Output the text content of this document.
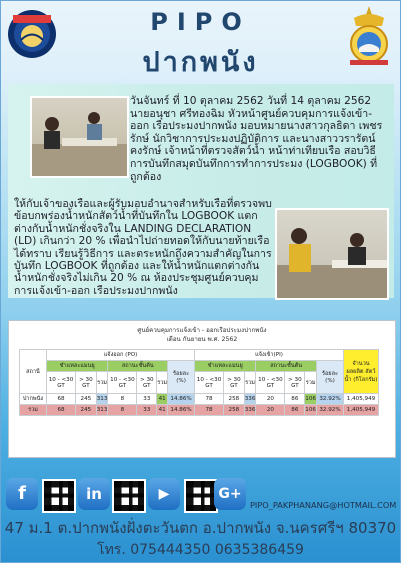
PIPO
ปากพนัง

วันจันทร์ ที่ 10 ตุลาคม 2562 วันที่ 14 ตุลาคม 2562 นายอนุชา ศรีทองฉิม หัวหน้าศูนย์ควบคุมการแจ้งเข้า-ออก เรือประมงปากพนัง มอบหมายนางสาวกุลธิดา เพชรรักษ์ นักวิชาการประมงปฏิบัติการ และนางสาววรารัตน์ คงรักษ์ เจ้าหน้าที่ตรวจสัตว์น้ำ หน้าท่าเทียบเรือ สอบวิธีการบันทึกสมุดบันทึกการทำการประมง (LOGBOOK) ที่ถูกต้อง

ให้กับเจ้าของเรือและผู้รับมอบอำนาจสำหรับเรือที่ตรวจพบข้อบกพร่องน้ำหนักสัตว์น้ำที่บันทึกใน LOGBOOK แตกต่างกับน้ำหนักชั่งจริงใน LANDING DECLARATION (LD) เกินกว่า 20 % เพื่อนำไปถ่ายทอดให้กับนายท้ายเรือได้ทราบ เรียนรู้วิธีการ และตระหนักถึงความสำคัญในการบันทึก LOGBOOK ที่ถูกต้อง และให้น้ำหนักแตกต่างกันน้ำหนักชั่งจริงไม่เกิน 20 % ณ ห้องประชุมศูนย์ควบคุมการแจ้งเข้า-ออก เรือประมงปากพนัง

ศูนย์ควบคุมการแจ้งเข้า - ออกเรือประมงปากพนัง
เดือน กันยายน พ.ศ. 2562
สถานี	แจ้งออก (PO)							แจ้งเข้า(PI)							จำนวนผลผลิต สัตว์น้ำ (กิโลกรัม)
	ชำแหละแมนยู			สถานะชั้นต้น			ร้อยละ (%)	ชำแหละแมนยู			สถานะชั้นต้น			ร้อยละ (%)	
	10 - <30 GT	> 30 GT	รวม	10 - <30 GT	> 30 GT	รวม		10 - <30 GT	> 30 GT	รวม	10 - <30 GT	> 30 GT	รวม		
ปากพนัง	68	245	313	8	33	41	14.86%	78	258	336	20	86	106	32.92%	1,405,949
รวม	68	245	313	8	33	41	14.86%	78	258	336	20	86	106	32.92%	1,405,949
f	in	▶	G+
PIPO_PAKPHANANG@HOTMAIL.COM
47 ม.1 ต.ปากพนังฝั่งตะวันตก อ.ปากพนัง จ.นครศรีฯ 80370
โทร. 075444350 0635386459
